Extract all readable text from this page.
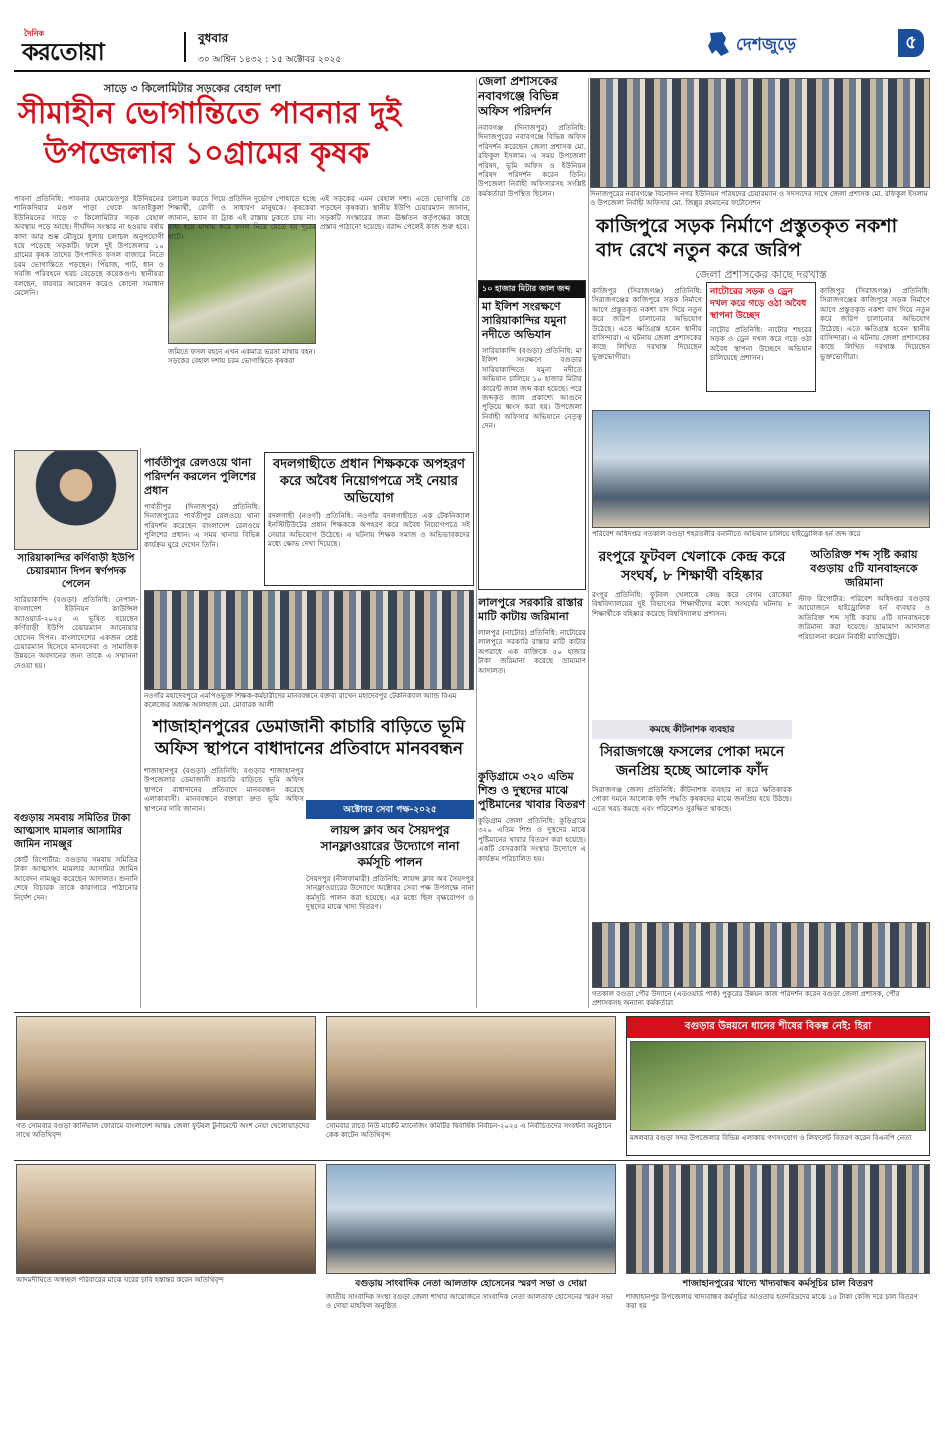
দৈনিক
করতোয়া	বুধবার
৩০ আশ্বিন ১৪৩২ : ১৫ অক্টোবর ২০২৫
দেশজুড়ে	৫
সাড়ে ৩ কিলোমিটার সড়কের বেহাল দশা
সীমাহীন ভোগান্তিতে পাবনার দুই
উপজেলার ১০গ্রামের কৃষক
পাবনা প্রতিনিধি: পাবনার হেমায়েতপুর ইউনিয়নের শানিকদিয়ার মণ্ডল পাড়া থেকে আতাইকুলা ইউনিয়নের সাড়ে ৩ কিলোমিটার সড়ক বেহাল অবস্থায় পড়ে আছে। দীর্ঘদিন সংস্কার না হওয়ায় বর্ষায় কাদা আর শুষ্ক মৌসুমে ধুলায় চলাচল অনুপযোগী হয়ে পড়েছে সড়কটি। ফলে দুই উপজেলার ১০ গ্রামের কৃষক তাদের উৎপাদিত ফসল বাজারে নিতে চরম ভোগান্তিতে পড়ছেন। পিঁয়াজ, পাট, ধান ও সবজি পরিবহনে খরচ বেড়েছে কয়েকগুণ। স্থানীয়রা বলছেন, বারবার আবেদন করেও কোনো সমাধান মেলেনি।
জমিতে ফসল বহনে এখন একমাত্র ভরসা মাথায় বহন। সড়কের বেহাল দশায় চরম ভোগান্তিতে কৃষকরা
চলাচল করতে গিয়ে প্রতিদিন দুর্ভোগ পোহাতে হচ্ছে শিক্ষার্থী, রোগী ও সাধারণ মানুষকে। কৃষকেরা জানান, ভ্যান বা ট্রাক এই রাস্তায় ঢুকতে চায় না। বাধ্য হয়ে মাথায় করে ফসল নিয়ে যেতে হয় দূরের হাটে।
এই সড়কের এমন বেহাল দশা। এতে ভোগান্তি তে পড়ছেন কৃষকরা। স্থানীয় ইউপি চেয়ারম্যান জানান, সড়কটি সংস্কারের জন্য ঊর্ধ্বতন কর্তৃপক্ষের কাছে প্রস্তাব পাঠানো হয়েছে। বরাদ্দ পেলেই কাজ শুরু হবে।
জেলা প্রশাসকের নবাবগঞ্জে বিভিন্ন অফিস পরিদর্শন
নবাবগঞ্জ (দিনাজপুর) প্রতিনিধি: দিনাজপুরের নবাবগঞ্জে বিভিন্ন অফিস পরিদর্শন করেছেন জেলা প্রশাসক মো. রফিকুল ইসলাম। এ সময় উপজেলা পরিষদ, ভূমি অফিস ও ইউনিয়ন পরিষদ পরিদর্শন করেন তিনি। উপজেলা নির্বাহী অফিসারসহ সংশ্লিষ্ট কর্মকর্তারা উপস্থিত ছিলেন।	দিনাজপুরের নবাবগঞ্জে বিনোদন নগর ইউনিয়ন পরিষদের চেয়ারম্যান ও সদস্যদের সাথে জেলা প্রশাসক মো. রফিকুল ইসলাম ও উপজেলা নির্বাহী অফিসার মো. জিল্লুর রহমানের ফটোসেশন
১০ হাজার মিটার জাল জব্দ
মা ইলিশ সংরক্ষণে সারিয়াকান্দির যমুনা নদীতে অভিযান
সারিয়াকান্দি (বগুড়া) প্রতিনিধি: মা ইলিশ সংরক্ষণে বগুড়ার সারিয়াকান্দিতে যমুনা নদীতে অভিযান চালিয়ে ১০ হাজার মিটার কারেন্ট জাল জব্দ করা হয়েছে। পরে জব্দকৃত জাল প্রকাশ্যে আগুনে পুড়িয়ে ধ্বংস করা হয়। উপজেলা নির্বাহী অফিসার অভিযানে নেতৃত্ব দেন।
কাজিপুরে সড়ক নির্মাণে প্রস্তুতকৃত নকশা বাদ রেখে নতুন করে জরিপ
জেলা প্রশাসকের কাছে দরখাস্ত
কাজিপুর (সিরাজগঞ্জ) প্রতিনিধি: সিরাজগঞ্জের কাজিপুরে সড়ক নির্মাণে আগে প্রস্তুতকৃত নকশা বাদ দিয়ে নতুন করে জরিপ চালানোর অভিযোগ উঠেছে। এতে ক্ষতিগ্রস্ত হবেন স্থানীয় বাসিন্দারা। এ ঘটনায় জেলা প্রশাসকের কাছে লিখিত দরখাস্ত দিয়েছেন ভুক্তভোগীরা।
নাটোরের সড়ক ও ড্রেন দখল করে গড়ে ওঠা অবৈধ স্থাপনা উচ্ছেদ
নাটোর প্রতিনিধি: নাটোর শহরের সড়ক ও ড্রেন দখল করে গড়ে ওঠা অবৈধ স্থাপনা উচ্ছেদে অভিযান চালিয়েছে প্রশাসন।
কাজিপুর (সিরাজগঞ্জ) প্রতিনিধি: সিরাজগঞ্জের কাজিপুরে সড়ক নির্মাণে আগে প্রস্তুতকৃত নকশা বাদ দিয়ে নতুন করে জরিপ চালানোর অভিযোগ উঠেছে। এতে ক্ষতিগ্রস্ত হবেন স্থানীয় বাসিন্দারা। এ ঘটনায় জেলা প্রশাসকের কাছে লিখিত দরখাস্ত দিয়েছেন ভুক্তভোগীরা।
পরিবেশ অধিদপ্তর গতকাল বগুড়া শহরতলীর বনানীতে অভিযান চালিয়ে হাইড্রোলিক হর্ন জব্দ করে
সারিয়াকান্দির কর্ণিবাড়ী ইউপি চেয়ারম্যান দিপন স্বর্ণপদক পেলেন
সারিয়াকান্দি (বগুড়া) প্রতিনিধি: নেপাল-বাংলাদেশ ইউনিয়ন কাউন্সিল অ্যাওয়ার্ড-২০২৫ এ ভূষিত হয়েছেন কর্ণিবাড়ী ইউপি চেয়ারম্যান আনোয়ার হোসেন দিপন। বাংলাদেশের একজন শ্রেষ্ঠ চেয়ারম্যান হিসেবে মানবসেবা ও সামাজিক উন্নয়নে অবদানের জন্য তাকে এ সম্মাননা দেওয়া হয়।
পার্বতীপুর রেলওয়ে থানা পরিদর্শন করলেন পুলিশের প্রধান
পার্বতীপুর (দিনাজপুর) প্রতিনিধি: দিনাজপুরের পার্বতীপুর রেলওয়ে থানা পরিদর্শন করেছেন বাংলাদেশ রেলওয়ে পুলিশের প্রধান। এ সময় থানার বিভিন্ন কার্যক্রম ঘুরে দেখেন তিনি।
বদলগাছীতে প্রধান শিক্ষককে অপহরণ করে অবৈধ নিয়োগপত্রে সই নেয়ার অভিযোগ
বদলগাছী (নওগাঁ) প্রতিনিধি: নওগাঁর বদলগাছীতে এক টেকনিক্যাল ইনস্টিটিউটের প্রধান শিক্ষককে অপহরণ করে অবৈধ নিয়োগপত্রে সই নেয়ার অভিযোগ উঠেছে। এ ঘটনায় শিক্ষক সমাজ ও অভিভাবকদের মধ্যে ক্ষোভ দেখা দিয়েছে।
নওগাঁর মহাদেবপুরে এমপিওভুক্ত শিক্ষক-কর্মচারীদের মানববন্ধনে বক্তব্য রাখেন মহাদেবপুর টেকনিক্যাল অ্যান্ড বিএম কলেজের অধ্যক্ষ আলহাজ মো. মোবারক আলী
রংপুরে ফুটবল খেলাকে কেন্দ্র করে সংঘর্ষ, ৮ শিক্ষার্থী বহিষ্কার
রংপুর প্রতিনিধি: ফুটবল খেলাকে কেন্দ্র করে বেগম রোকেয়া বিশ্ববিদ্যালয়ের দুই বিভাগের শিক্ষার্থীদের মধ্যে সংঘর্ষের ঘটনায় ৮ শিক্ষার্থীকে বহিষ্কার করেছে বিশ্ববিদ্যালয় প্রশাসন।
অতিরিক্ত শব্দ সৃষ্টি করায় বগুড়ায় ৫টি যানবাহনকে জরিমানা
স্টাফ রিপোর্টার: পরিবেশ অধিদপ্তর বগুড়ার আয়োজনে হাইড্রোলিক হর্ন ব্যবহার ও অতিরিক্ত শব্দ সৃষ্টি করায় ৫টি যানবাহনকে জরিমানা করা হয়েছে। ভ্রাম্যমাণ আদালত পরিচালনা করেন নির্বাহী ম্যাজিস্ট্রেট।
কমছে কীটনাশক ব্যবহার
সিরাজগঞ্জে ফসলের পোকা দমনে জনপ্রিয় হচ্ছে আলোক ফাঁদ
সিরাজগঞ্জ জেলা প্রতিনিধি: কীটনাশক ব্যবহার না করে ক্ষতিকারক পোকা দমনে আলোক ফাঁদ পদ্ধতি কৃষকদের মাঝে জনপ্রিয় হয়ে উঠছে। এতে খরচ কমছে এবং পরিবেশও সুরক্ষিত থাকছে।
লালপুরে সরকারি রাস্তার মাটি কাটায় জরিমানা
লালপুর (নাটোর) প্রতিনিধি: নাটোরের লালপুরে সরকারি রাস্তার মাটি কাটার অপরাধে এক ব্যক্তিকে ৫০ হাজার টাকা জরিমানা করেছে ভ্রাম্যমাণ আদালত।
কুড়িগ্রামে ৩২০ এতিম শিশু ও দুস্থদের মাঝে পুষ্টিমানের খাবার বিতরণ
কুড়িগ্রাম জেলা প্রতিনিধি: কুড়িগ্রামে ৩২০ এতিম শিশু ও দুস্থদের মাঝে পুষ্টিমানের খাবার বিতরণ করা হয়েছে। একটি বেসরকারি সংস্থার উদ্যোগে এ কার্যক্রম পরিচালিত হয়।
শাজাহানপুরের ডেমাজানী কাচারি বাড়িতে ভূমি অফিস স্থাপনে বাধাদানের প্রতিবাদে মানববন্ধন
শাজাহানপুর (বগুড়া) প্রতিনিধি: বগুড়ার শাজাহানপুর উপজেলার ডেমাজানী কাচারি বাড়িতে ভূমি অফিস স্থাপনে বাধাদানের প্রতিবাদে মানববন্ধন করেছে এলাকাবাসী। মানববন্ধনে বক্তারা দ্রুত ভূমি অফিস স্থাপনের দাবি জানান।
বগুড়ায় সমবায় সমিতির টাকা আত্মসাৎ মামলার আসামির জামিন নামঞ্জুর
কোর্ট রিপোর্টার: বগুড়ায় সমবায় সমিতির টাকা আত্মসাৎ মামলার আসামির জামিন আবেদন নামঞ্জুর করেছেন আদালত। শুনানি শেষে বিচারক তাকে কারাগারে পাঠানোর নির্দেশ দেন।
অক্টোবর সেবা পক্ষ-২০২৫
লায়ন্স ক্লাব অব সৈয়দপুর সানফ্লাওয়ারের উদ্যোগে নানা কর্মসূচি পালন
সৈয়দপুর (নীলফামারী) প্রতিনিধি: লায়ন্স ক্লাব অব সৈয়দপুর সানফ্লাওয়ারের উদ্যোগে অক্টোবর সেবা পক্ষ উপলক্ষে নানা কর্মসূচি পালন করা হয়েছে। এর মধ্যে ছিল বৃক্ষরোপণ ও দুস্থদের মাঝে খাদ্য বিতরণ।
গতকাল বগুড়া পৌর উদ্যানে (এডওয়ার্ড পার্ক) পুকুরের উন্নয়ন কাজ পরিদর্শন করেন বগুড়া জেলা প্রশাসক, পৌর প্রশাসকসহ অন্যান্য কর্মকর্তারা
গত সোমবার বগুড়া কার্নিভাল ফোরামে বাংলাদেশ আন্তঃ জেলা ফুটবল টুর্নামেন্টে অংশ নেয়া খেলোয়াড়দের সাথে অতিথিবৃন্দ
সোমবার রাতে নিউ মার্কেট ম্যানেজিং কমিটির দ্বিবার্ষিক নির্বাচন-২০২৫ এ নির্বাচিতদের সংবর্ধনা অনুষ্ঠানে কেক কাটেন অতিথিবৃন্দ
বগুড়ার উন্নয়নে ধানের শীষের বিকল্প নেই: হিরা
মঙ্গলবার বগুড়া সদর উপজেলার বিভিন্ন এলাকায় গণসংযোগ ও লিফলেট বিতরণ করেন বিএনপি নেতা
আদমদীঘিতে অস্বচ্ছল পরিবারের মাঝে ঘরের চাবি হস্তান্তর করেন অতিথিবৃন্দ	বগুড়ায় সাংবাদিক নেতা আলতাফ হোসেনের স্মরণ সভা ও দোয়া
জাতীয় সাংবাদিক সংস্থা বগুড়া জেলা শাখার আয়োজনে সাংবাদিক নেতা আলতাফ হোসেনের স্মরণ সভা ও দোয়া মাহফিল অনুষ্ঠিত
শাজাহানপুরের খাদ্যে খাদ্যবান্ধব কর্মসূচির চাল বিতরণ
শাজাহানপুর উপজেলায় খাদ্যবান্ধব কর্মসূচির আওতায় হতদরিদ্রদের মাঝে ১৫ টাকা কেজি দরে চাল বিতরণ করা হয়
